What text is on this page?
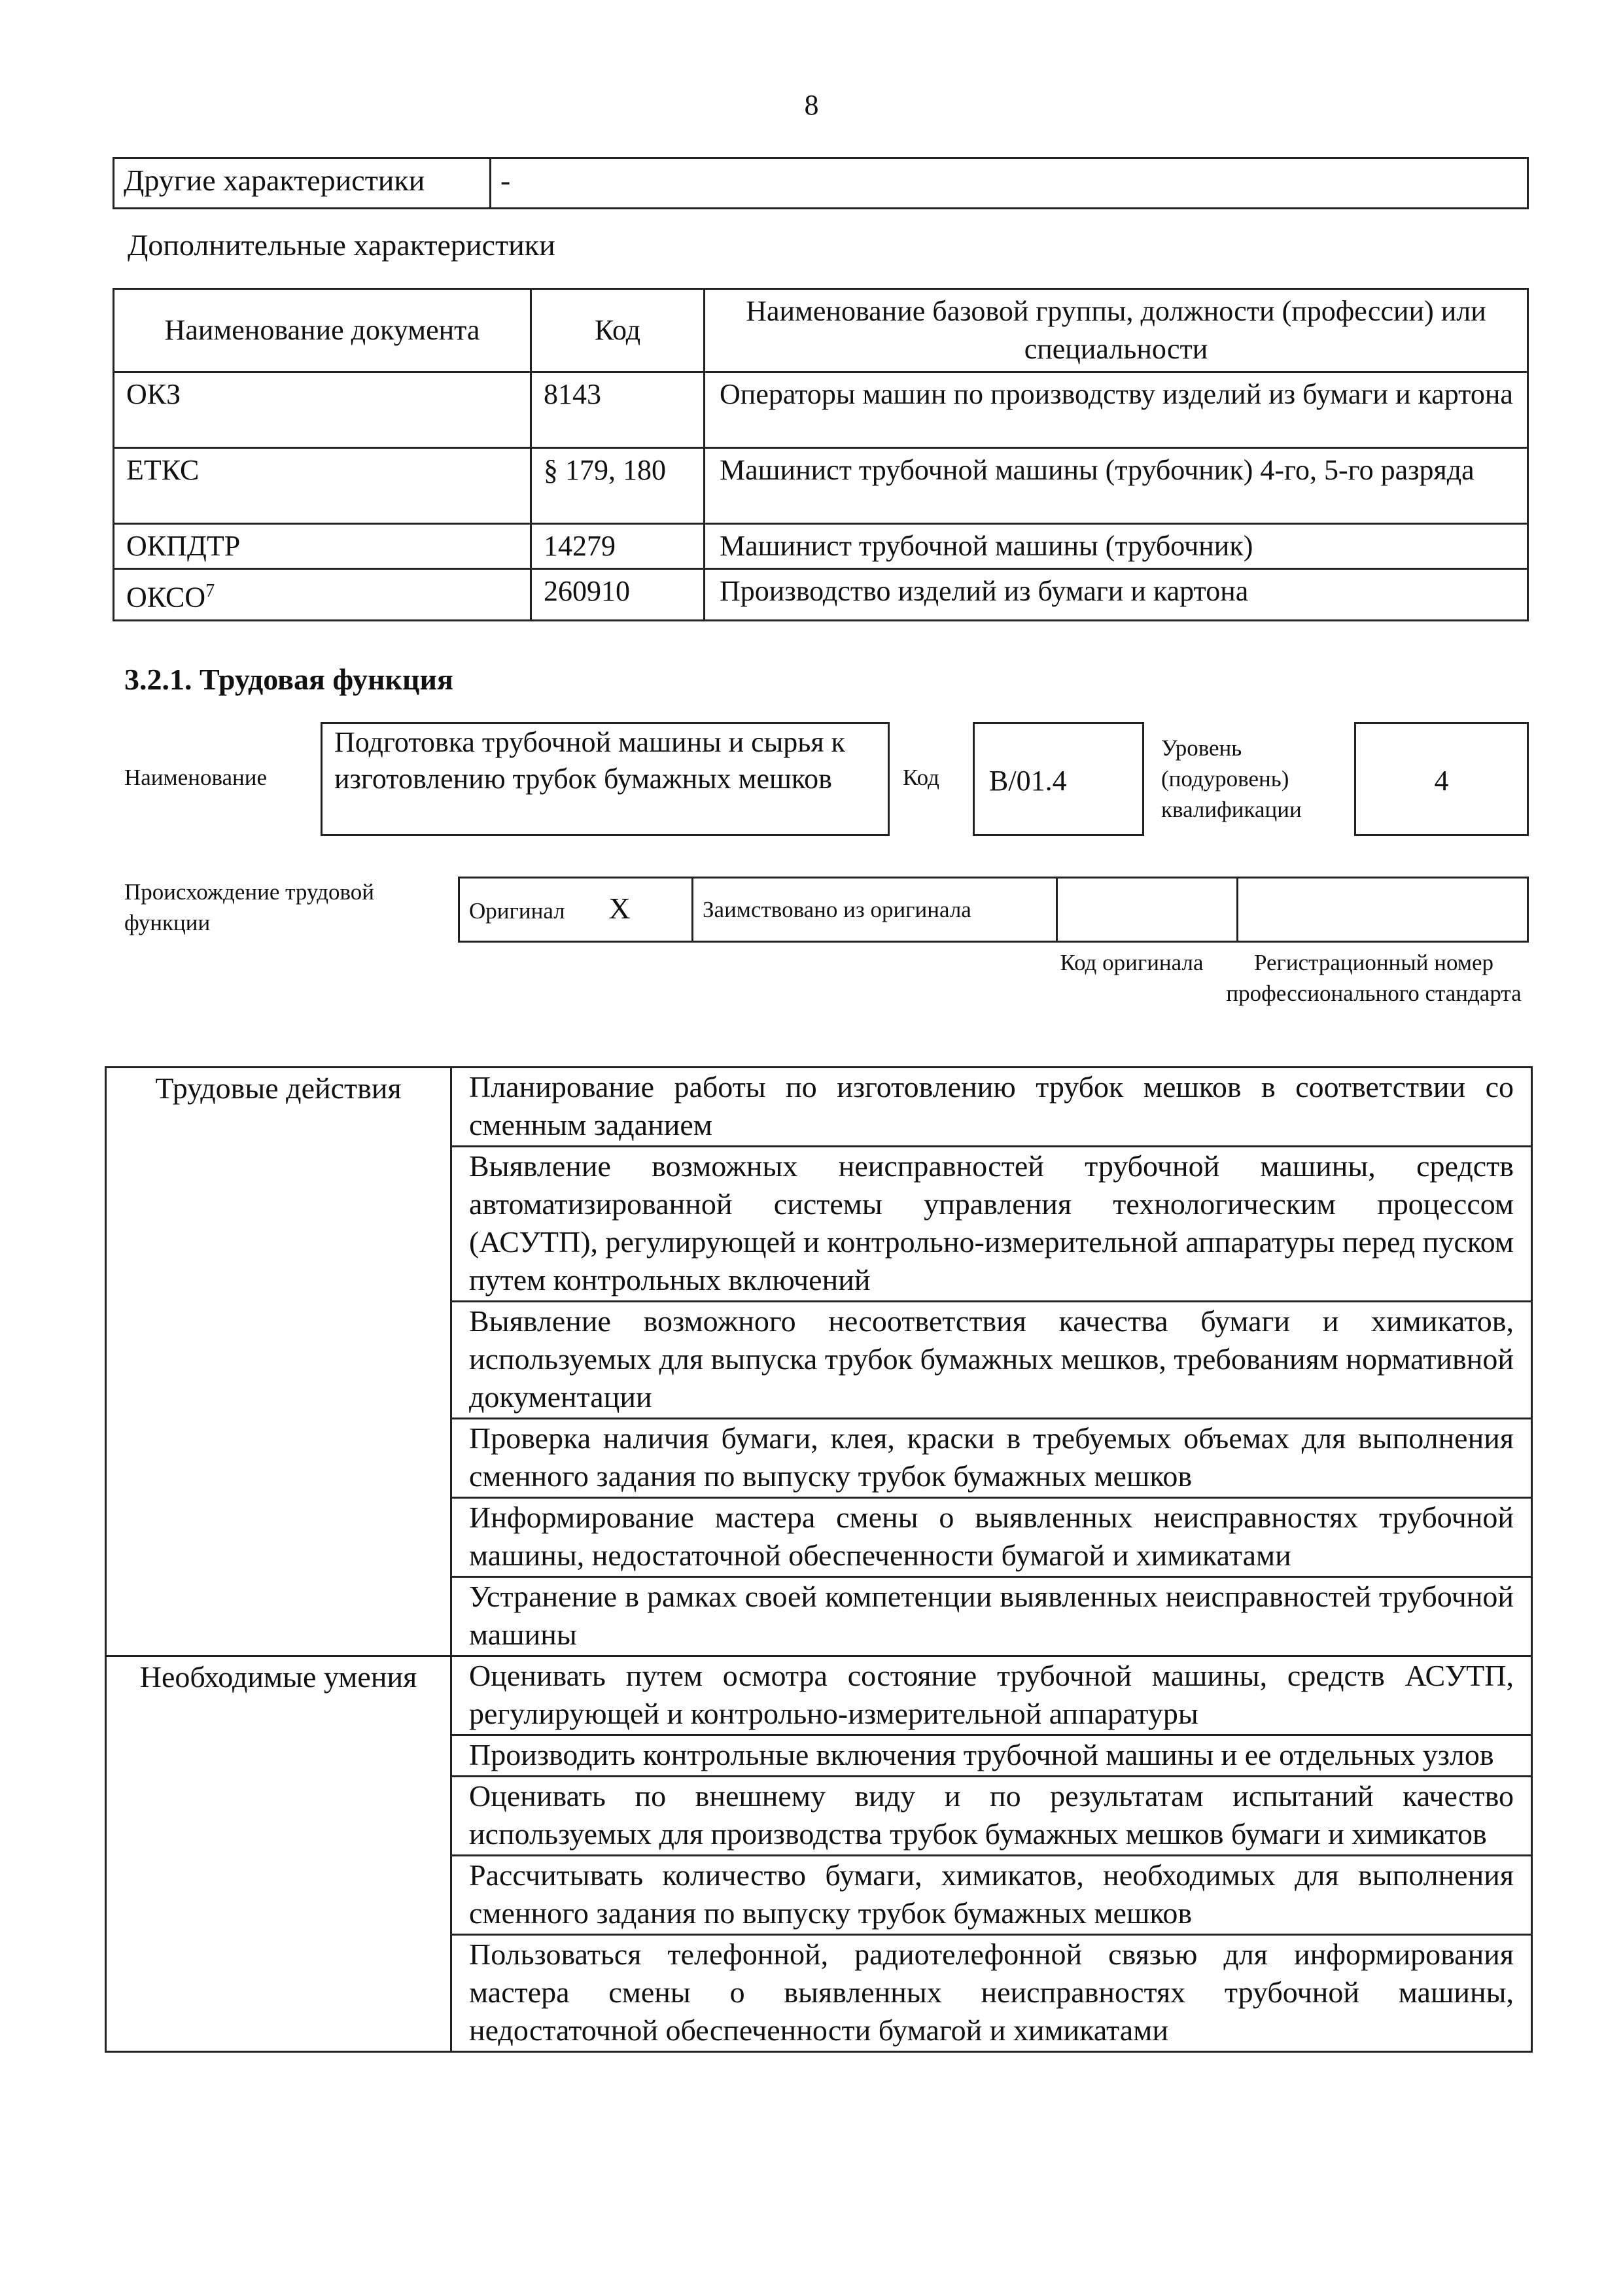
8
Другие характеристики	-
Дополнительные характеристики
Наименование документа	Код	Наименование базовой группы, должности (профессии) или специальности
ОКЗ	8143	Операторы машин по производству изделий из бумаги и картона
ЕТКС	§ 179, 180	Машинист трубочной машины (трубочник) 4-го, 5-го разряда
ОКПДТР	14279	Машинист трубочной машины (трубочник)
ОКСО$^7$	260910	Производство изделий из бумаги и картона
3.2.1. Трудовая функция
Наименование
Подготовка трубочной машины и сырья к изготовлению трубок бумажных мешков	Код	В/01.4
Уровень (подуровень) квалификации
4
Происхождение трудовой функции	Оригинал X	Заимствовано из оригинала		
Код оригинала	Регистрационный номер профессионального стандарта
Трудовые действия	Планирование работы по изготовлению трубок мешков в соответствии со сменным заданием
	Выявление возможных неисправностей трубочной машины, средств автоматизированной системы управления технологическим процессом (АСУТП), регулирующей и контрольно-измерительной аппаратуры перед пуском путем контрольных включений
	Выявление возможного несоответствия качества бумаги и химикатов, используемых для выпуска трубок бумажных мешков, требованиям нормативной документации
	Проверка наличия бумаги, клея, краски в требуемых объемах для выполнения сменного задания по выпуску трубок бумажных мешков
	Информирование мастера смены о выявленных неисправностях трубочной машины, недостаточной обеспеченности бумагой и химикатами
	Устранение в рамках своей компетенции выявленных неисправностей трубочной машины
Необходимые умения	Оценивать путем осмотра состояние трубочной машины, средств АСУТП, регулирующей и контрольно-измерительной аппаратуры
	Производить контрольные включения трубочной машины и ее отдельных узлов
	Оценивать по внешнему виду и по результатам испытаний качество используемых для производства трубок бумажных мешков бумаги и химикатов
	Рассчитывать количество бумаги, химикатов, необходимых для выполнения сменного задания по выпуску трубок бумажных мешков
	Пользоваться телефонной, радиотелефонной связью для информирования мастера смены о выявленных неисправностях трубочной машины, недостаточной обеспеченности бумагой и химикатами
